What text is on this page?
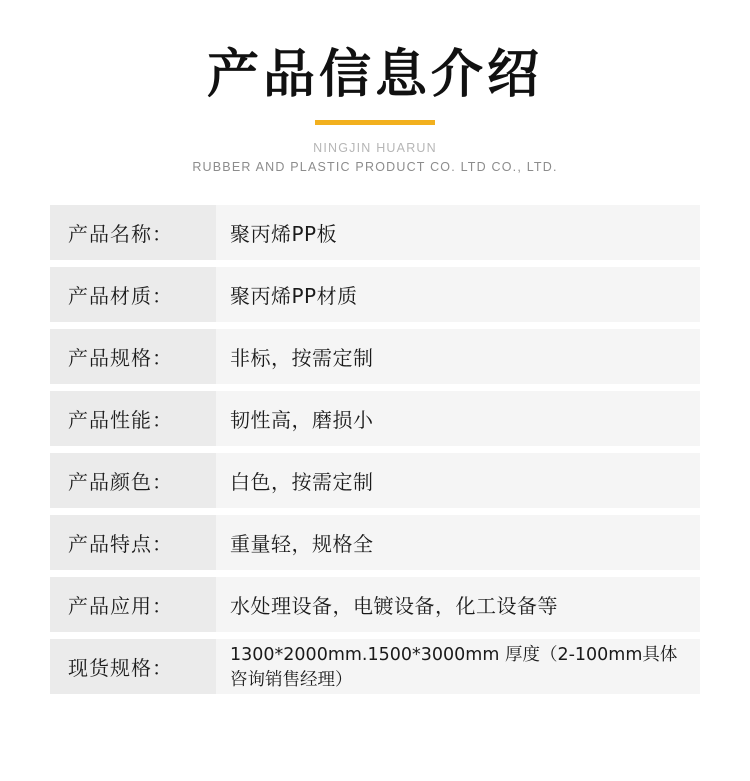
产品信息介绍
NINGJIN HUARUN
RUBBER AND PLASTIC PRODUCT CO. LTD CO., LTD.
产品名称：	聚丙烯PP板
产品材质：	聚丙烯PP材质
产品规格：	非标，按需定制
产品性能：	韧性高，磨损小
产品颜色：	白色，按需定制
产品特点：	重量轻，规格全
产品应用：	水处理设备，电镀设备，化工设备等
现货规格：	1300*2000mm.1500*3000mm 厚度（2-100mm具体咨询销售经理）
